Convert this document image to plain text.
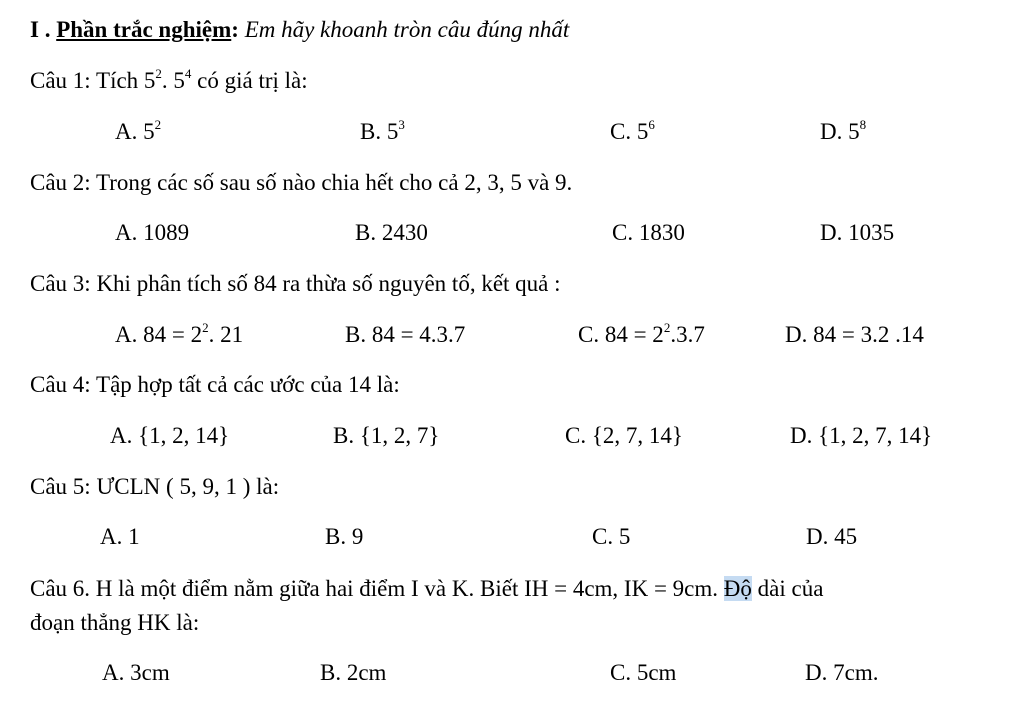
I . Phần trắc nghiệm: Em hãy khoanh tròn câu đúng nhất
Câu 1: Tích $5^2$. $5^4$ có giá trị là:
A. $5^2$	B. $5^3$	C. $5^6$	D. $5^8$
Câu 2: Trong các số sau số nào chia hết cho cả 2, 3, 5 và 9.
A. 1089	B. 2430	C. 1830	D. 1035
Câu 3: Khi phân tích số 84 ra thừa số nguyên tố, kết quả :
A. $84 = 2^2$. 21	B. 84 = 4.3.7	C. $84 = 2^2.3.7$	D. 84 = 3.2 .14
Câu 4: Tập hợp tất cả các ước của 14 là:
A. {1, 2, 14}	B. {1, 2, 7}	C. {2, 7, 14}	D. {1, 2, 7, 14}
Câu 5: ƯCLN ( 5, 9, 1 ) là:
A. 1	B. 9	C. 5	D. 45
Câu 6. H là một điểm nằm giữa hai điểm I và K. Biết IH = 4cm, IK = 9cm. Độ dài của
đoạn thẳng HK là:
A. 3cm	B. 2cm	C. 5cm	D. 7cm.
